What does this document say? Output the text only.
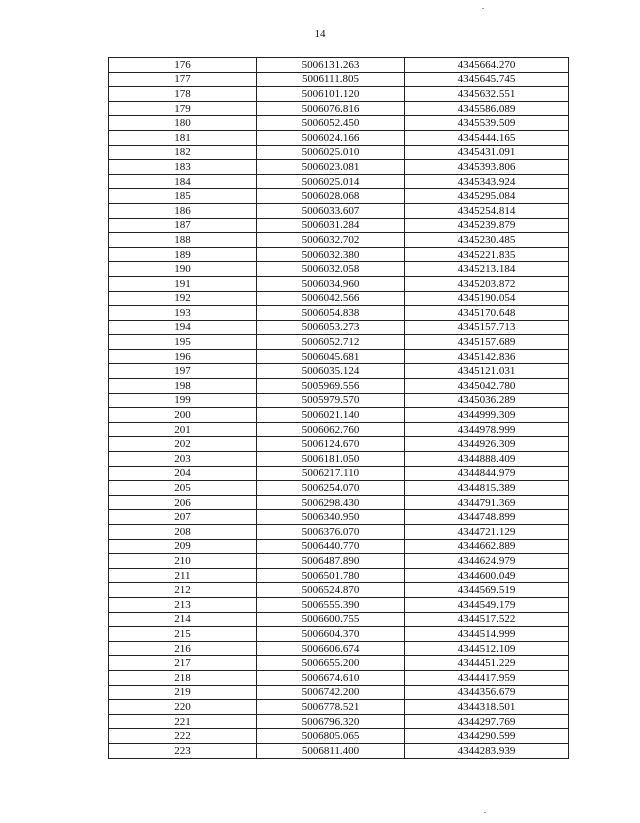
14
176	5006131.263	4345664.270
177	5006111.805	4345645.745
178	5006101.120	4345632.551
179	5006076.816	4345586.089
180	5006052.450	4345539.509
181	5006024.166	4345444.165
182	5006025.010	4345431.091
183	5006023.081	4345393.806
184	5006025.014	4345343.924
185	5006028.068	4345295.084
186	5006033.607	4345254.814
187	5006031.284	4345239.879
188	5006032.702	4345230.485
189	5006032.380	4345221.835
190	5006032.058	4345213.184
191	5006034.960	4345203.872
192	5006042.566	4345190.054
193	5006054.838	4345170.648
194	5006053.273	4345157.713
195	5006052.712	4345157.689
196	5006045.681	4345142.836
197	5006035.124	4345121.031
198	5005969.556	4345042.780
199	5005979.570	4345036.289
200	5006021.140	4344999.309
201	5006062.760	4344978.999
202	5006124.670	4344926.309
203	5006181.050	4344888.409
204	5006217.110	4344844.979
205	5006254.070	4344815.389
206	5006298.430	4344791.369
207	5006340.950	4344748.899
208	5006376.070	4344721.129
209	5006440.770	4344662.889
210	5006487.890	4344624.979
211	5006501.780	4344600.049
212	5006524.870	4344569.519
213	5006555.390	4344549.179
214	5006600.755	4344517.522
215	5006604.370	4344514.999
216	5006606.674	4344512.109
217	5006655.200	4344451.229
218	5006674.610	4344417.959
219	5006742.200	4344356.679
220	5006778.521	4344318.501
221	5006796.320	4344297.769
222	5006805.065	4344290.599
223	5006811.400	4344283.939
